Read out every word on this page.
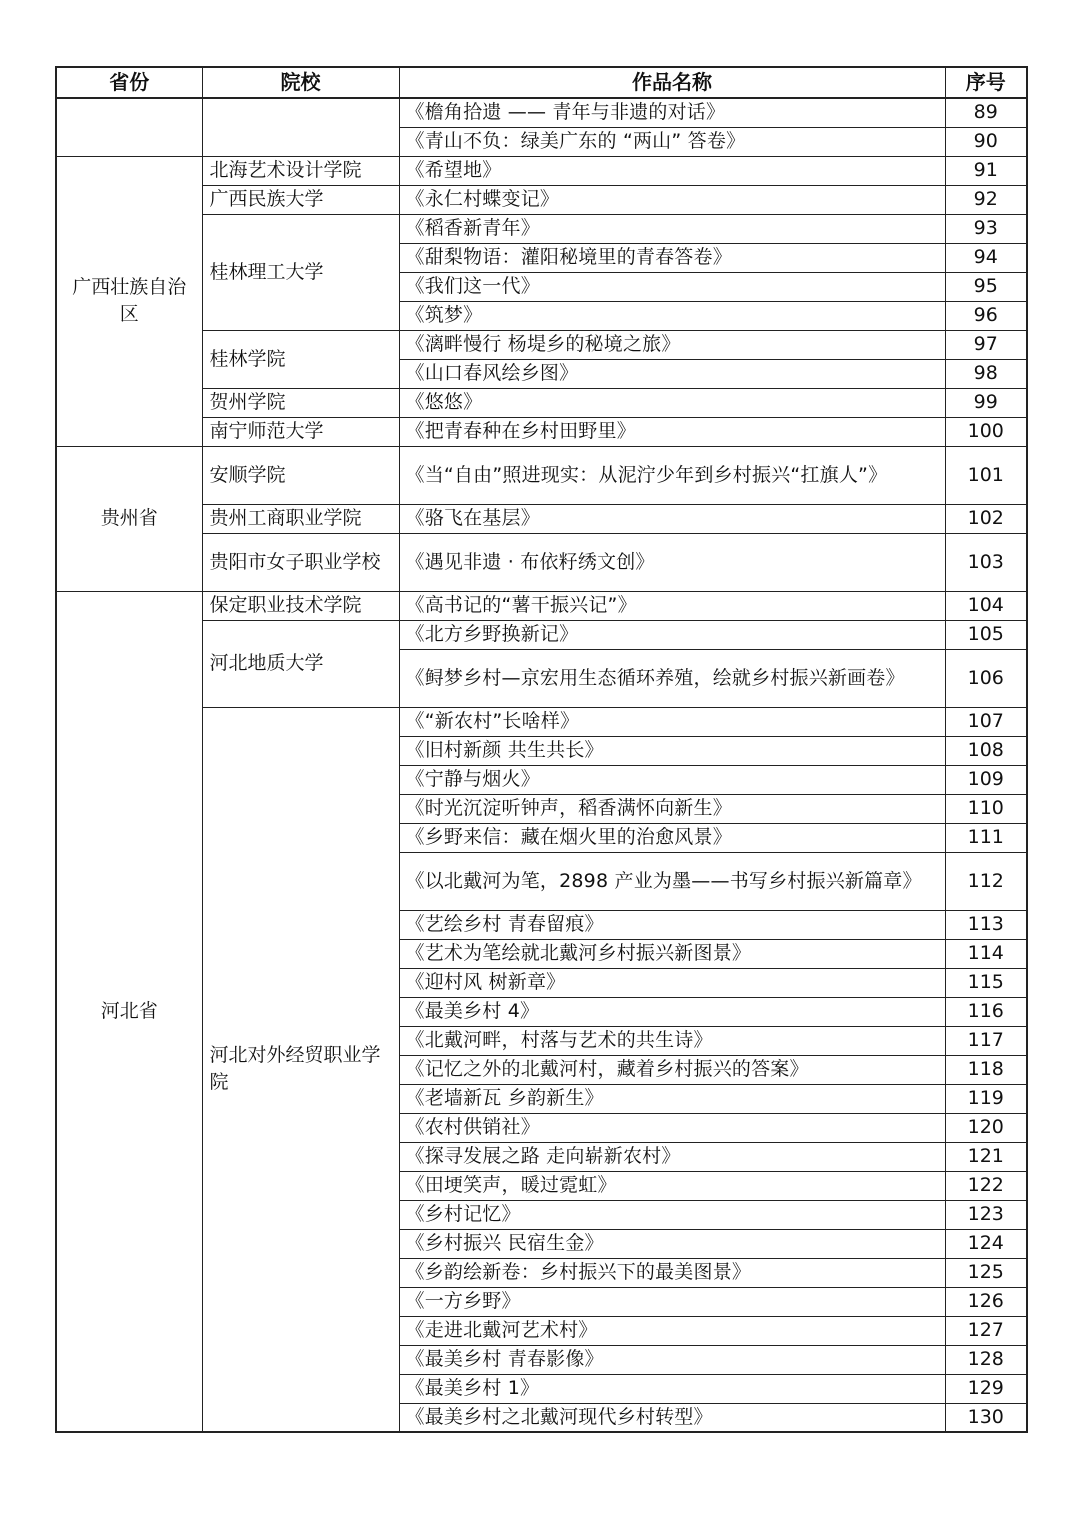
省份	院校	作品名称	序号
		《檐角拾遗 —— 青年与非遗的对话》	89
		《青山不负：绿美广东的 “两山” 答卷》	90
广西壮族自治区	北海艺术设计学院	《希望地》	91
	广西民族大学	《永仁村蝶变记》	92
	桂林理工大学	《稻香新青年》	93
		《甜梨物语：灌阳秘境里的青春答卷》	94
		《我们这一代》	95
		《筑梦》	96
	桂林学院	《漓畔慢行 杨堤乡的秘境之旅》	97
		《山口春风绘乡图》	98
	贺州学院	《悠悠》	99
	南宁师范大学	《把青春种在乡村田野里》	100
贵州省	安顺学院	《当“自由”照进现实：从泥泞少年到乡村振兴“扛旗人”》	101
	贵州工商职业学院	《骆飞在基层》	102
	贵阳市女子职业学校	《遇见非遗 · 布依籽绣文创》	103
河北省	保定职业技术学院	《高书记的“薯干振兴记”》	104
	河北地质大学	《北方乡野换新记》	105
		《鲟梦乡村—京宏用生态循环养殖，绘就乡村振兴新画卷》	106
	河北对外经贸职业学院	《“新农村”长啥样》	107
		《旧村新颜 共生共长》	108
		《宁静与烟火》	109
		《时光沉淀听钟声，稻香满怀向新生》	110
		《乡野来信：藏在烟火里的治愈风景》	111
		《以北戴河为笔，2898 产业为墨——书写乡村振兴新篇章》	112
		《艺绘乡村 青春留痕》	113
		《艺术为笔绘就北戴河乡村振兴新图景》	114
		《迎村风 树新章》	115
		《最美乡村 4》	116
		《北戴河畔，村落与艺术的共生诗》	117
		《记忆之外的北戴河村，藏着乡村振兴的答案》	118
		《老墙新瓦 乡韵新生》	119
		《农村供销社》	120
		《探寻发展之路 走向崭新农村》	121
		《田埂笑声，暖过霓虹》	122
		《乡村记忆》	123
		《乡村振兴 民宿生金》	124
		《乡韵绘新卷：乡村振兴下的最美图景》	125
		《一方乡野》	126
		《走进北戴河艺术村》	127
		《最美乡村 青春影像》	128
		《最美乡村 1》	129
		《最美乡村之北戴河现代乡村转型》	130
